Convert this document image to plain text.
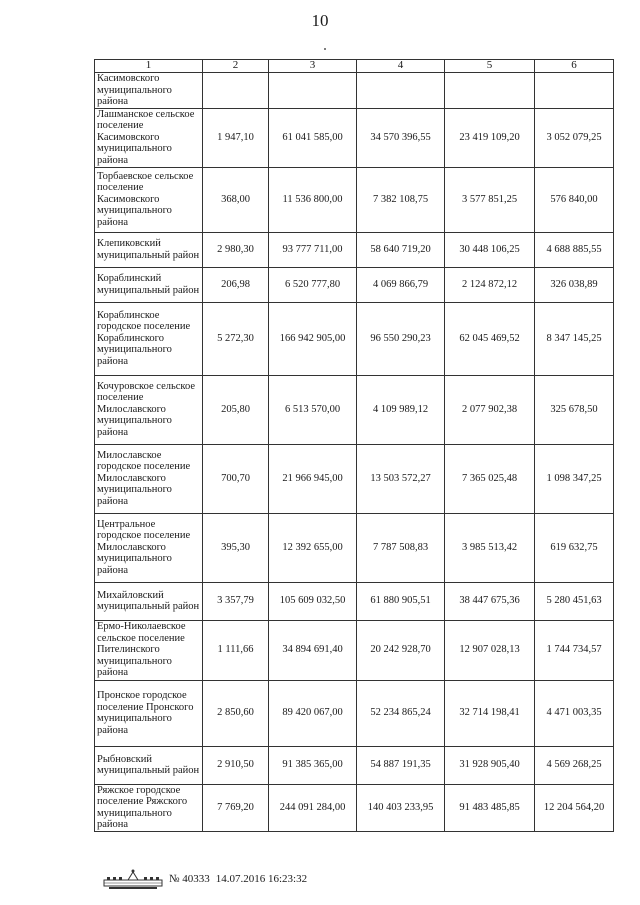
10
1	2	3	4	5	6
Касимовского муниципального района					
Лашманское сельское поселение Касимовского муниципального района	1 947,10	61 041 585,00	34 570 396,55	23 419 109,20	3 052 079,25
Торбаевское сельское поселение Касимовского муниципального района	368,00	11 536 800,00	7 382 108,75	3 577 851,25	576 840,00
Клепиковский муниципальный район	2 980,30	93 777 711,00	58 640 719,20	30 448 106,25	4 688 885,55
Кораблинский муниципальный район	206,98	6 520 777,80	4 069 866,79	2 124 872,12	326 038,89
Кораблинское городское поселение Кораблинского муниципального района	5 272,30	166 942 905,00	96 550 290,23	62 045 469,52	8 347 145,25
Кочуровское сельское поселение Милославского муниципального района	205,80	6 513 570,00	4 109 989,12	2 077 902,38	325 678,50
Милославское городское поселение Милославского муниципального района	700,70	21 966 945,00	13 503 572,27	7 365 025,48	1 098 347,25
Центральное городское поселение Милославского муниципального района	395,30	12 392 655,00	7 787 508,83	3 985 513,42	619 632,75
Михайловский муниципальный район	3 357,79	105 609 032,50	61 880 905,51	38 447 675,36	5 280 451,63
Ермо-Николаевское сельское поселение Пителинского муниципального района	1 111,66	34 894 691,40	20 242 928,70	12 907 028,13	1 744 734,57
Пронское городское поселение Пронского муниципального района	2 850,60	89 420 067,00	52 234 865,24	32 714 198,41	4 471 003,35
Рыбновский муниципальный район	2 910,50	91 385 365,00	54 887 191,35	31 928 905,40	4 569 268,25
Ряжское городское поселение Ряжского муниципального района	7 769,20	244 091 284,00	140 403 233,95	91 483 485,85	12 204 564,20
№ 40333 14.07.2016 16:23:32
